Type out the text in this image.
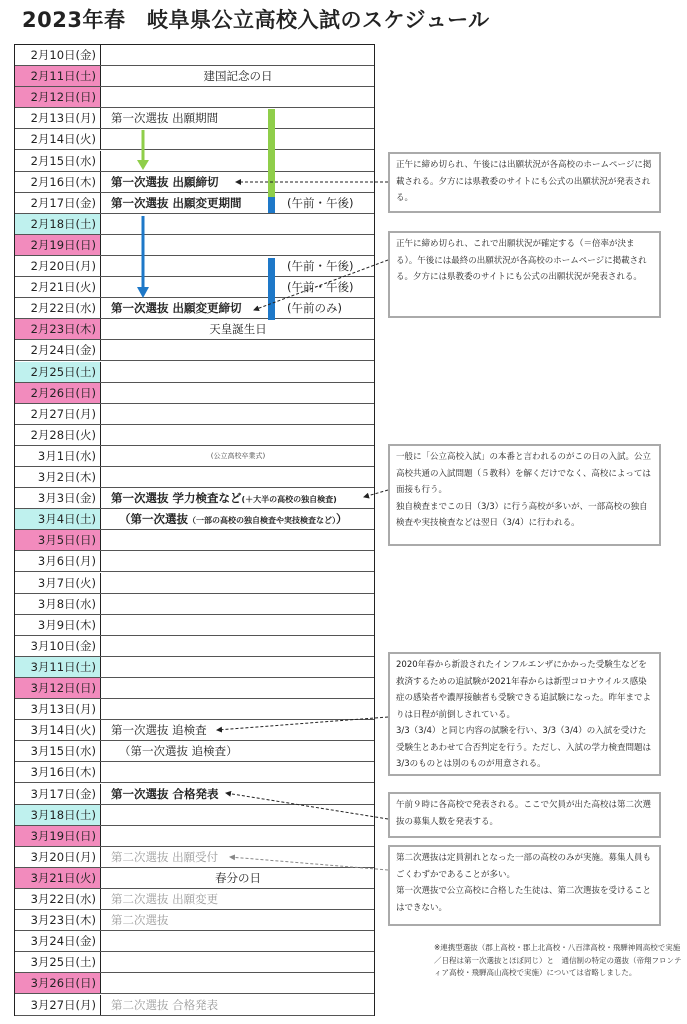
2023年春　岐阜県公立高校入試のスケジュール
2月10日(金)
2月11日(土)	建国記念の日
2月12日(日)
2月13日(月)	第一次選抜 出願期間
2月14日(火)
2月15日(水)
2月16日(木)	第一次選抜 出願締切
2月17日(金)	第一次選抜 出願変更期間	(午前・午後)
2月18日(土)
2月19日(日)
2月20日(月)	(午前・午後)
2月21日(火)	(午前・午後)
2月22日(水)	第一次選抜 出願変更締切	(午前のみ)
2月23日(木)	天皇誕生日
2月24日(金)
2月25日(土)
2月26日(日)
2月27日(月)
2月28日(火)
3月1日(水)	(公立高校卒業式)
3月2日(木)
3月3日(金)	第一次選抜 学力検査など(＋大半の高校の独自検査)
3月4日(土)	（第一次選抜（一部の高校の独自検査や実技検査など））
3月5日(日)
3月6日(月)
3月7日(火)
3月8日(水)
3月9日(木)
3月10日(金)
3月11日(土)
3月12日(日)
3月13日(月)
3月14日(火)	第一次選抜 追検査
3月15日(水)	（第一次選抜 追検査）
3月16日(木)
3月17日(金)	第一次選抜 合格発表
3月18日(土)
3月19日(日)
3月20日(月)	第二次選抜 出願受付
3月21日(火)	春分の日
3月22日(水)	第二次選抜 出願変更
3月23日(木)	第二次選抜
3月24日(金)
3月25日(土)
3月26日(日)
3月27日(月)	第二次選抜 合格発表
正午に締め切られ、午後には出願状況が各高校のホームページに掲載される。夕方には県教委のサイトにも公式の出願状況が発表される。
正午に締め切られ、これで出願状況が確定する（＝倍率が決まる）。午後には最終の出願状況が各高校のホームページに掲載される。夕方には県教委のサイトにも公式の出願状況が発表される。
一般に「公立高校入試」の本番と言われるのがこの日の入試。公立高校共通の入試問題（５教科）を解くだけでなく、高校によっては面接も行う。
独自検査までこの日（3/3）に行う高校が多いが、一部高校の独自検査や実技検査などは翌日（3/4）に行われる。
2020年春から新設されたインフルエンザにかかった受験生などを救済するための追試験が2021年春からは新型コロナウイルス感染症の感染者や濃厚接触者も受験できる追試験になった。昨年までよりは日程が前倒しされている。
3/3（3/4）と同じ内容の試験を行い、3/3（3/4）の入試を受けた受験生とあわせて合否判定を行う。ただし、入試の学力検査問題は3/3のものとは別のものが用意される。
午前９時に各高校で発表される。ここで欠員が出た高校は第二次選抜の募集人数を発表する。
第二次選抜は定員割れとなった一部の高校のみが実施。募集人員もごくわずかであることが多い。
第一次選抜で公立高校に合格した生徒は、第二次選抜を受けることはできない。
※連携型選抜（郡上高校・郡上北高校・八百津高校・飛騨神岡高校で実施／日程は第一次選抜とほぼ同じ）と　通信制の特定の選抜（帝翔フロンティア高校・飛騨高山高校で実施）については省略しました。
